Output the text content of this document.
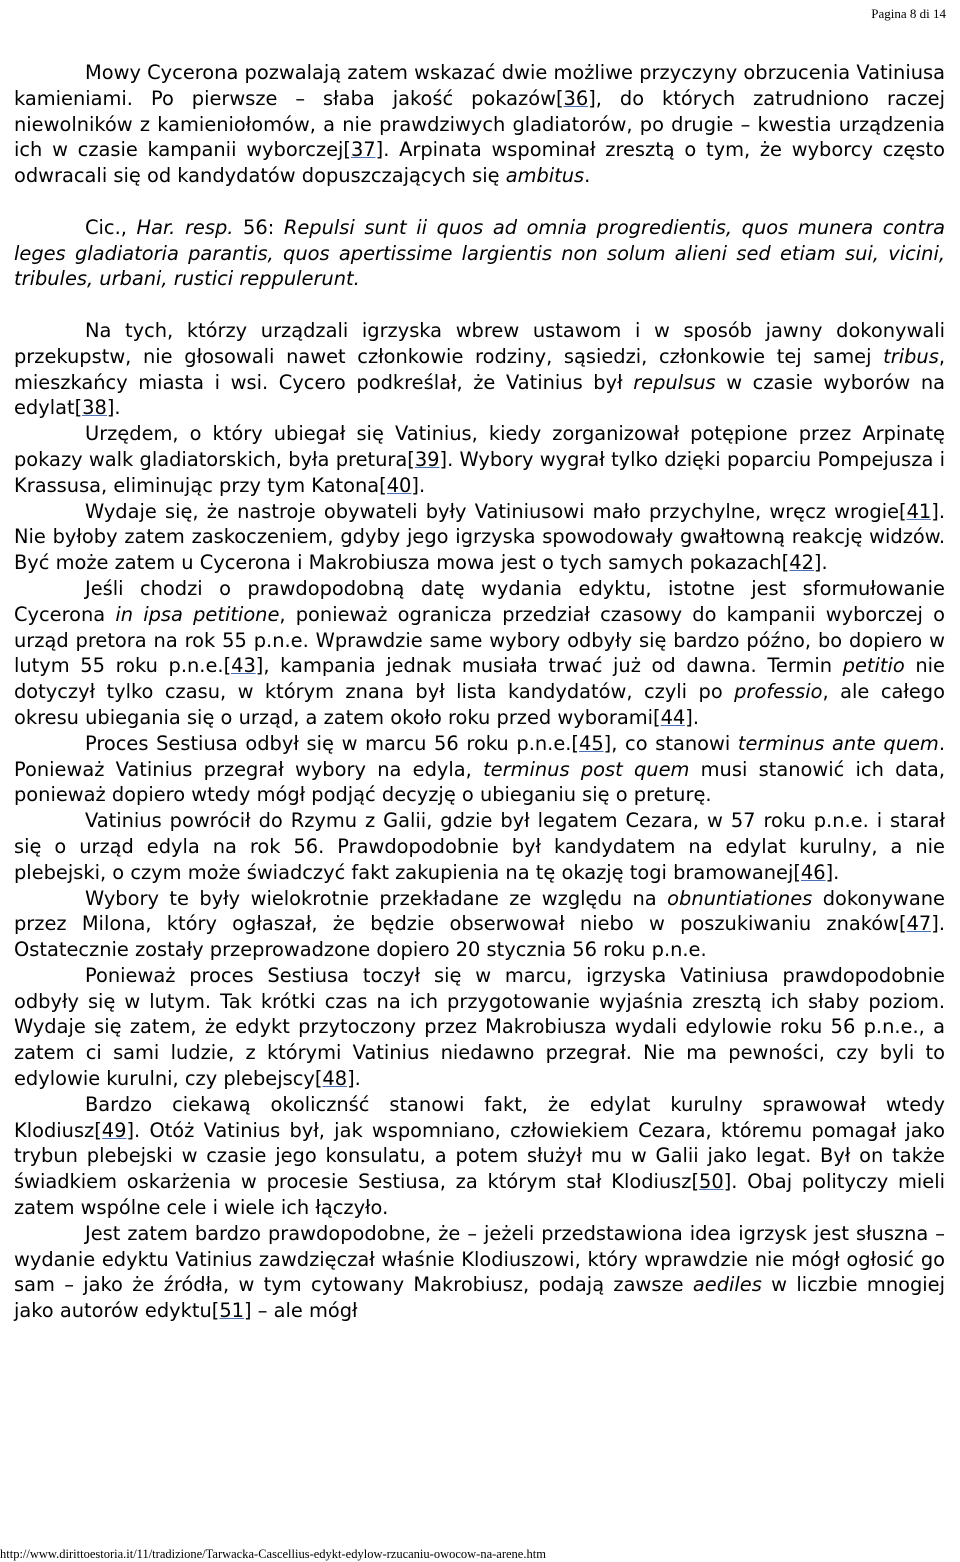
Pagina 8 di 14

Mowy Cycerona pozwalają zatem wskazać dwie możliwe przyczyny obrzucenia Vatiniusa kamieniami. Po pierwsze – słaba jakość pokazów[36], do których zatrudniono raczej niewolników z kamieniołomów, a nie prawdziwych gladiatorów, po drugie – kwestia urządzenia ich w czasie kampanii wyborczej[37]. Arpinata wspominał zresztą o tym, że wyborcy często odwracali się od kandydatów dopuszczających się ambitus.

Cic., Har. resp. 56: Repulsi sunt ii quos ad omnia progredientis, quos munera contra leges gladiatoria parantis, quos apertissime largientis non solum alieni sed etiam sui, vicini, tribules, urbani, rustici reppulerunt.

Na tych, którzy urządzali igrzyska wbrew ustawom i w sposób jawny dokonywali przekupstw, nie głosowali nawet członkowie rodziny, sąsiedzi, członkowie tej samej tribus, mieszkańcy miasta i wsi. Cycero podkreślał, że Vatinius był repulsus w czasie wyborów na edylat[38].

Urzędem, o który ubiegał się Vatinius, kiedy zorganizował potępione przez Arpinatę pokazy walk gladiatorskich, była pretura[39]. Wybory wygrał tylko dzięki poparciu Pompejusza i Krassusa, eliminując przy tym Katona[40].

Wydaje się, że nastroje obywateli były Vatiniusowi mało przychylne, wręcz wrogie[41]. Nie byłoby zatem zaskoczeniem, gdyby jego igrzyska spowodowały gwałtowną reakcję widzów. Być może zatem u Cycerona i Makrobiusza mowa jest o tych samych pokazach[42].

Jeśli chodzi o prawdopodobną datę wydania edyktu, istotne jest sformułowanie Cycerona in ipsa petitione, ponieważ ogranicza przedział czasowy do kampanii wyborczej o urząd pretora na rok 55 p.n.e. Wprawdzie same wybory odbyły się bardzo późno, bo dopiero w lutym 55 roku p.n.e.[43], kampania jednak musiała trwać już od dawna. Termin petitio nie dotyczył tylko czasu, w którym znana był lista kandydatów, czyli po professio, ale całego okresu ubiegania się o urząd, a zatem około roku przed wyborami[44].

Proces Sestiusa odbył się w marcu 56 roku p.n.e.[45], co stanowi terminus ante quem. Ponieważ Vatinius przegrał wybory na edyla, terminus post quem musi stanowić ich data, ponieważ dopiero wtedy mógł podjąć decyzję o ubieganiu się o preturę.

Vatinius powrócił do Rzymu z Galii, gdzie był legatem Cezara, w 57 roku p.n.e. i starał się o urząd edyla na rok 56. Prawdopodobnie był kandydatem na edylat kurulny, a nie plebejski, o czym może świadczyć fakt zakupienia na tę okazję togi bramowanej[46].

Wybory te były wielokrotnie przekładane ze względu na obnuntiationes dokonywane przez Milona, który ogłaszał, że będzie obserwował niebo w poszukiwaniu znaków[47]. Ostatecznie zostały przeprowadzone dopiero 20 stycznia 56 roku p.n.e.

Ponieważ proces Sestiusa toczył się w marcu, igrzyska Vatiniusa prawdopodobnie odbyły się w lutym. Tak krótki czas na ich przygotowanie wyjaśnia zresztą ich słaby poziom. Wydaje się zatem, że edykt przytoczony przez Makrobiusza wydali edylowie roku 56 p.n.e., a zatem ci sami ludzie, z którymi Vatinius niedawno przegrał. Nie ma pewności, czy byli to edylowie kurulni, czy plebejscy[48].

Bardzo ciekawą okolicznść stanowi fakt, że edylat kurulny sprawował wtedy Klodiusz[49]. Otóż Vatinius był, jak wspomniano, człowiekiem Cezara, któremu pomagał jako trybun plebejski w czasie jego konsulatu, a potem służył mu w Galii jako legat. Był on także świadkiem oskarżenia w procesie Sestiusa, za którym stał Klodiusz[50]. Obaj polityczy mieli zatem wspólne cele i wiele ich łączyło.

Jest zatem bardzo prawdopodobne, że – jeżeli przedstawiona idea igrzysk jest słuszna – wydanie edyktu Vatinius zawdzięczał właśnie Klodiuszowi, który wprawdzie nie mógł ogłosić go sam – jako że źródła, w tym cytowany Makrobiusz, podają zawsze aediles w liczbie mnogiej jako autorów edyktu[51] – ale mógł

http://www.dirittoestoria.it/11/tradizione/Tarwacka-Cascellius-edykt-edylow-rzucaniu-owocow-na-arene.htm
